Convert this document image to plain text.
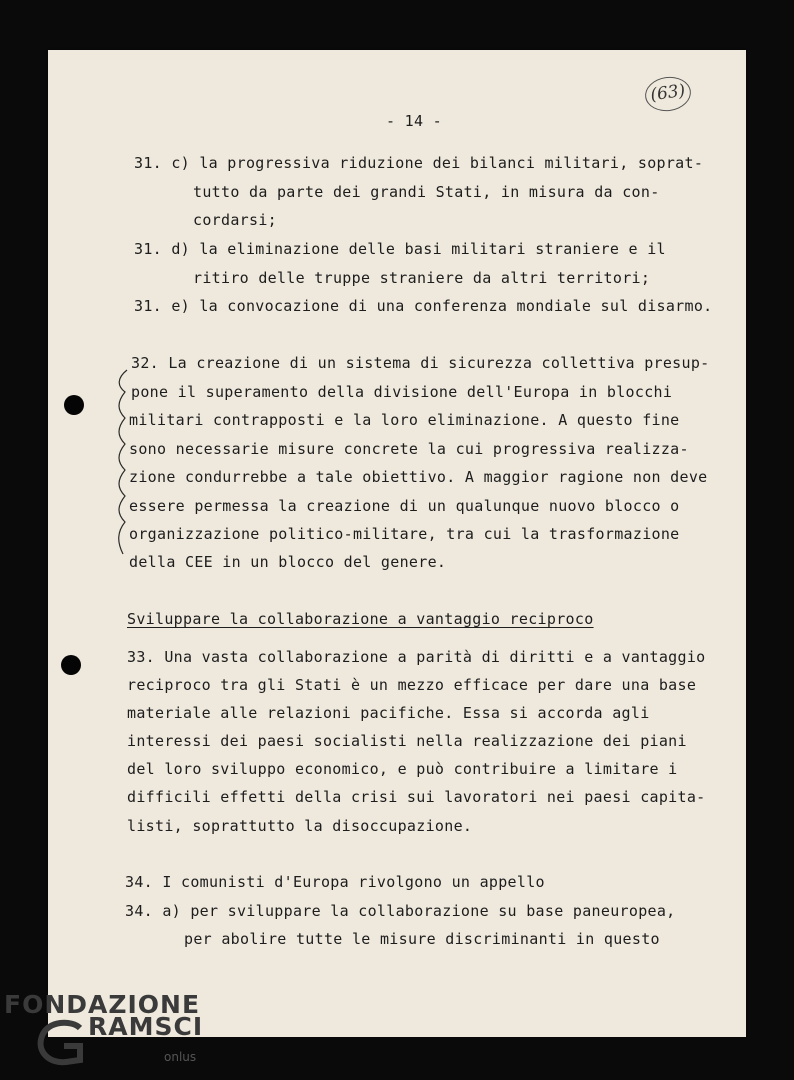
(63)
- 14 -
31. c) la progressiva riduzione dei bilanci militari, soprat-
tutto da parte dei grandi Stati, in misura da con-
cordarsi;
31. d) la eliminazione delle basi militari straniere e il
ritiro delle truppe straniere da altri territori;
31. e) la convocazione di una conferenza mondiale sul disarmo.
32. La creazione di un sistema di sicurezza collettiva presup-
pone il superamento della divisione dell'Europa in blocchi
militari contrapposti e la loro eliminazione. A questo fine
sono necessarie misure concrete la cui progressiva realizza-
zione condurrebbe a tale obiettivo. A maggior ragione non deve
essere permessa la creazione di un qualunque nuovo blocco o
organizzazione politico-militare, tra cui la trasformazione
della CEE in un blocco del genere.
Sviluppare la collaborazione a vantaggio reciproco
33. Una vasta collaborazione a parità di diritti e a vantaggio
reciproco tra gli Stati è un mezzo efficace per dare una base
materiale alle relazioni pacifiche. Essa si accorda agli
interessi dei paesi socialisti nella realizzazione dei piani
del loro sviluppo economico, e può contribuire a limitare i
difficili effetti della crisi sui lavoratori nei paesi capita-
listi, soprattutto la disoccupazione.
34. I comunisti d'Europa rivolgono un appello
34. a) per sviluppare la collaborazione su base paneuropea,
per abolire tutte le misure discriminanti in questo
FONDAZIONE
RAMSCI
onlus
